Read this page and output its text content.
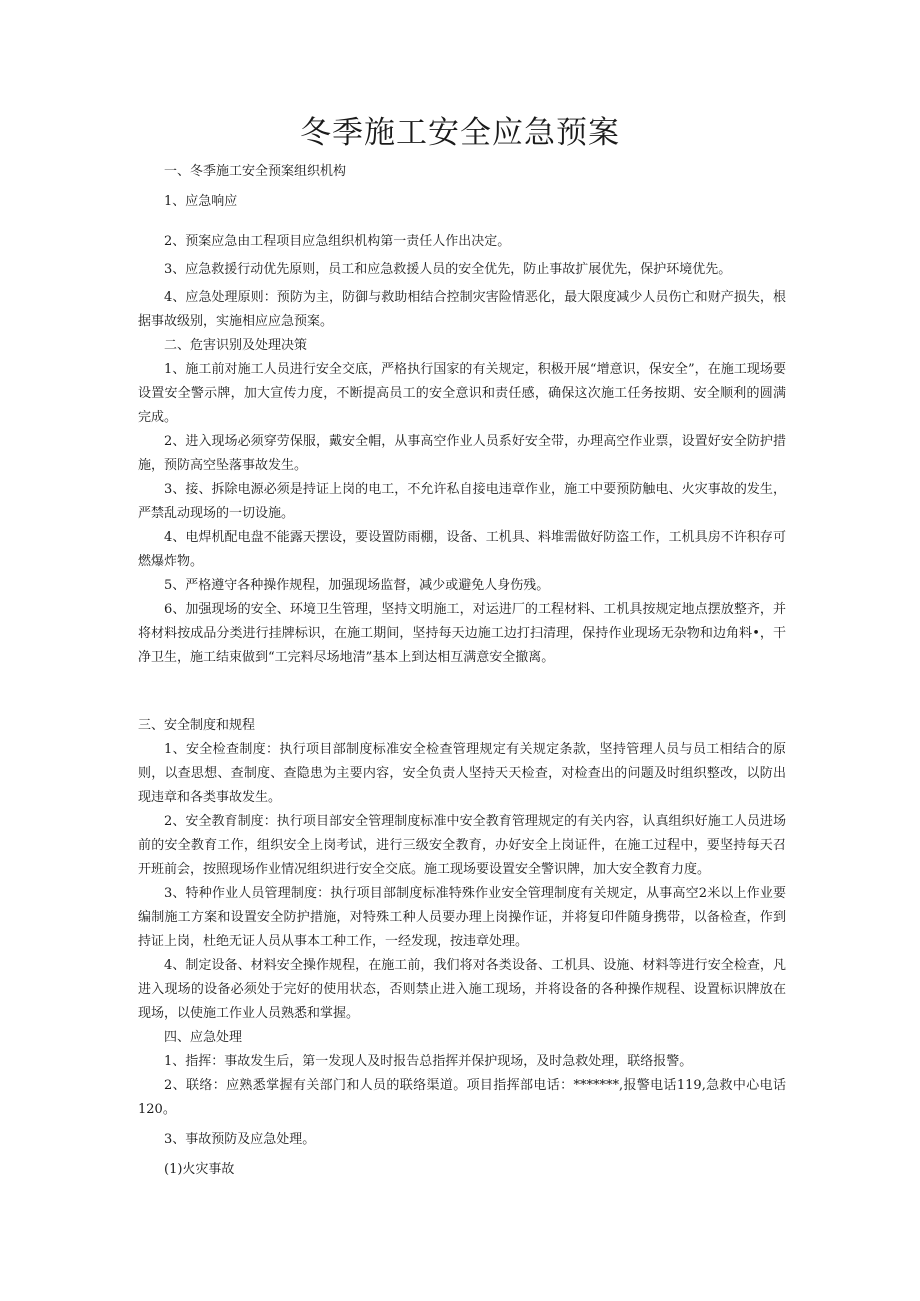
冬季施工安全应急预案

一、冬季施工安全预案组织机构

1、应急响应

2、预案应急由工程项目应急组织机构第一责任人作出决定。

3、应急救援行动优先原则，员工和应急救援人员的安全优先，防止事故扩展优先，保护环境优先。

4、应急处理原则：预防为主，防御与救助相结合控制灾害险情恶化，最大限度减少人员伤亡和财产损失，根据事故级别，实施相应应急预案。

二、危害识别及处理决策

1、施工前对施工人员进行安全交底，严格执行国家的有关规定，积极开展“增意识，保安全”，在施工现场要设置安全警示牌，加大宣传力度，不断提高员工的安全意识和责任感，确保这次施工任务按期、安全顺利的圆满完成。

2、进入现场必须穿劳保服，戴安全帽，从事高空作业人员系好安全带，办理高空作业票，设置好安全防护措施，预防高空坠落事故发生。

3、接、拆除电源必须是持证上岗的电工，不允许私自接电违章作业，施工中要预防触电、火灾事故的发生，严禁乱动现场的一切设施。

4、电焊机配电盘不能露天摆设，要设置防雨棚，设备、工机具、料堆需做好防盗工作，工机具房不许积存可燃爆炸物。

5、严格遵守各种操作规程，加强现场监督，减少或避免人身伤残。

6、加强现场的安全、环境卫生管理，坚持文明施工，对运进厂的工程材料、工机具按规定地点摆放整齐，并将材料按成品分类进行挂牌标识，在施工期间，坚持每天边施工边打扫清理，保持作业现场无杂物和边角料•，干净卫生，施工结束做到“工完料尽场地清”基本上到达相互满意安全撤离。

三、安全制度和规程

1、安全检查制度：执行项目部制度标准安全检查管理规定有关规定条款，坚持管理人员与员工相结合的原则，以查思想、查制度、查隐患为主要内容，安全负责人坚持天天检查，对检查出的问题及时组织整改，以防出现违章和各类事故发生。

2、安全教育制度：执行项目部安全管理制度标准中安全教育管理规定的有关内容，认真组织好施工人员进场前的安全教育工作，组织安全上岗考试，进行三级安全教育，办好安全上岗证件，在施工过程中，要坚持每天召开班前会，按照现场作业情况组织进行安全交底。施工现场要设置安全警识牌，加大安全教育力度。

3、特种作业人员管理制度：执行项目部制度标准特殊作业安全管理制度有关规定，从事高空2米以上作业要编制施工方案和设置安全防护措施，对特殊工种人员要办理上岗操作证，并将复印件随身携带，以备检查，作到持证上岗，杜绝无证人员从事本工种工作，一经发现，按违章处理。

4、制定设备、材料安全操作规程，在施工前，我们将对各类设备、工机具、设施、材料等进行安全检查，凡进入现场的设备必须处于完好的使用状态，否则禁止进入施工现场，并将设备的各种操作规程、设置标识牌放在现场，以使施工作业人员熟悉和掌握。

四、应急处理

1、指挥：事故发生后，第一发现人及时报告总指挥并保护现场，及时急救处理，联络报警。

2、联络：应熟悉掌握有关部门和人员的联络渠道。项目指挥部电话：*******,报警电话119,急救中心电话120。

3、事故预防及应急处理。

(1)火灾事故
